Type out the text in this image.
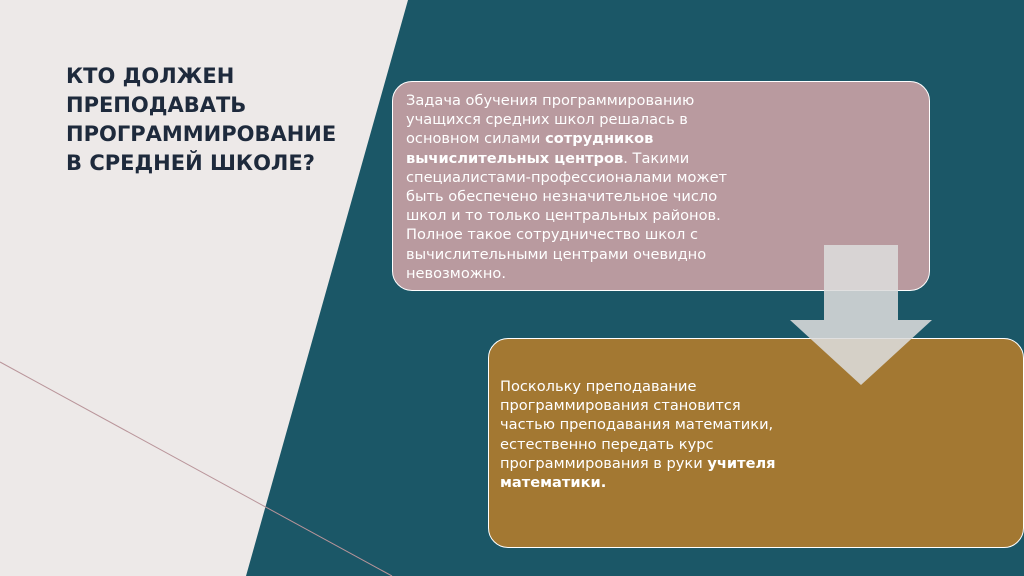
КТО ДОЛЖЕН ПРЕПОДАВАТЬ ПРОГРАММИРОВАНИЕ В СРЕДНЕЙ ШКОЛЕ?
Задача обучения программированию учащихся средних школ решалась в основном силами сотрудников вычислительных центров. Такими специалистами-профессионалами может быть обеспечено незначительное число школ и то только центральных районов. Полное такое сотрудничество школ с вычислительными центрами очевидно невозможно.
Поскольку преподавание программирования становится частью преподавания математики, естественно передать курс программирования в руки учителя математики.
